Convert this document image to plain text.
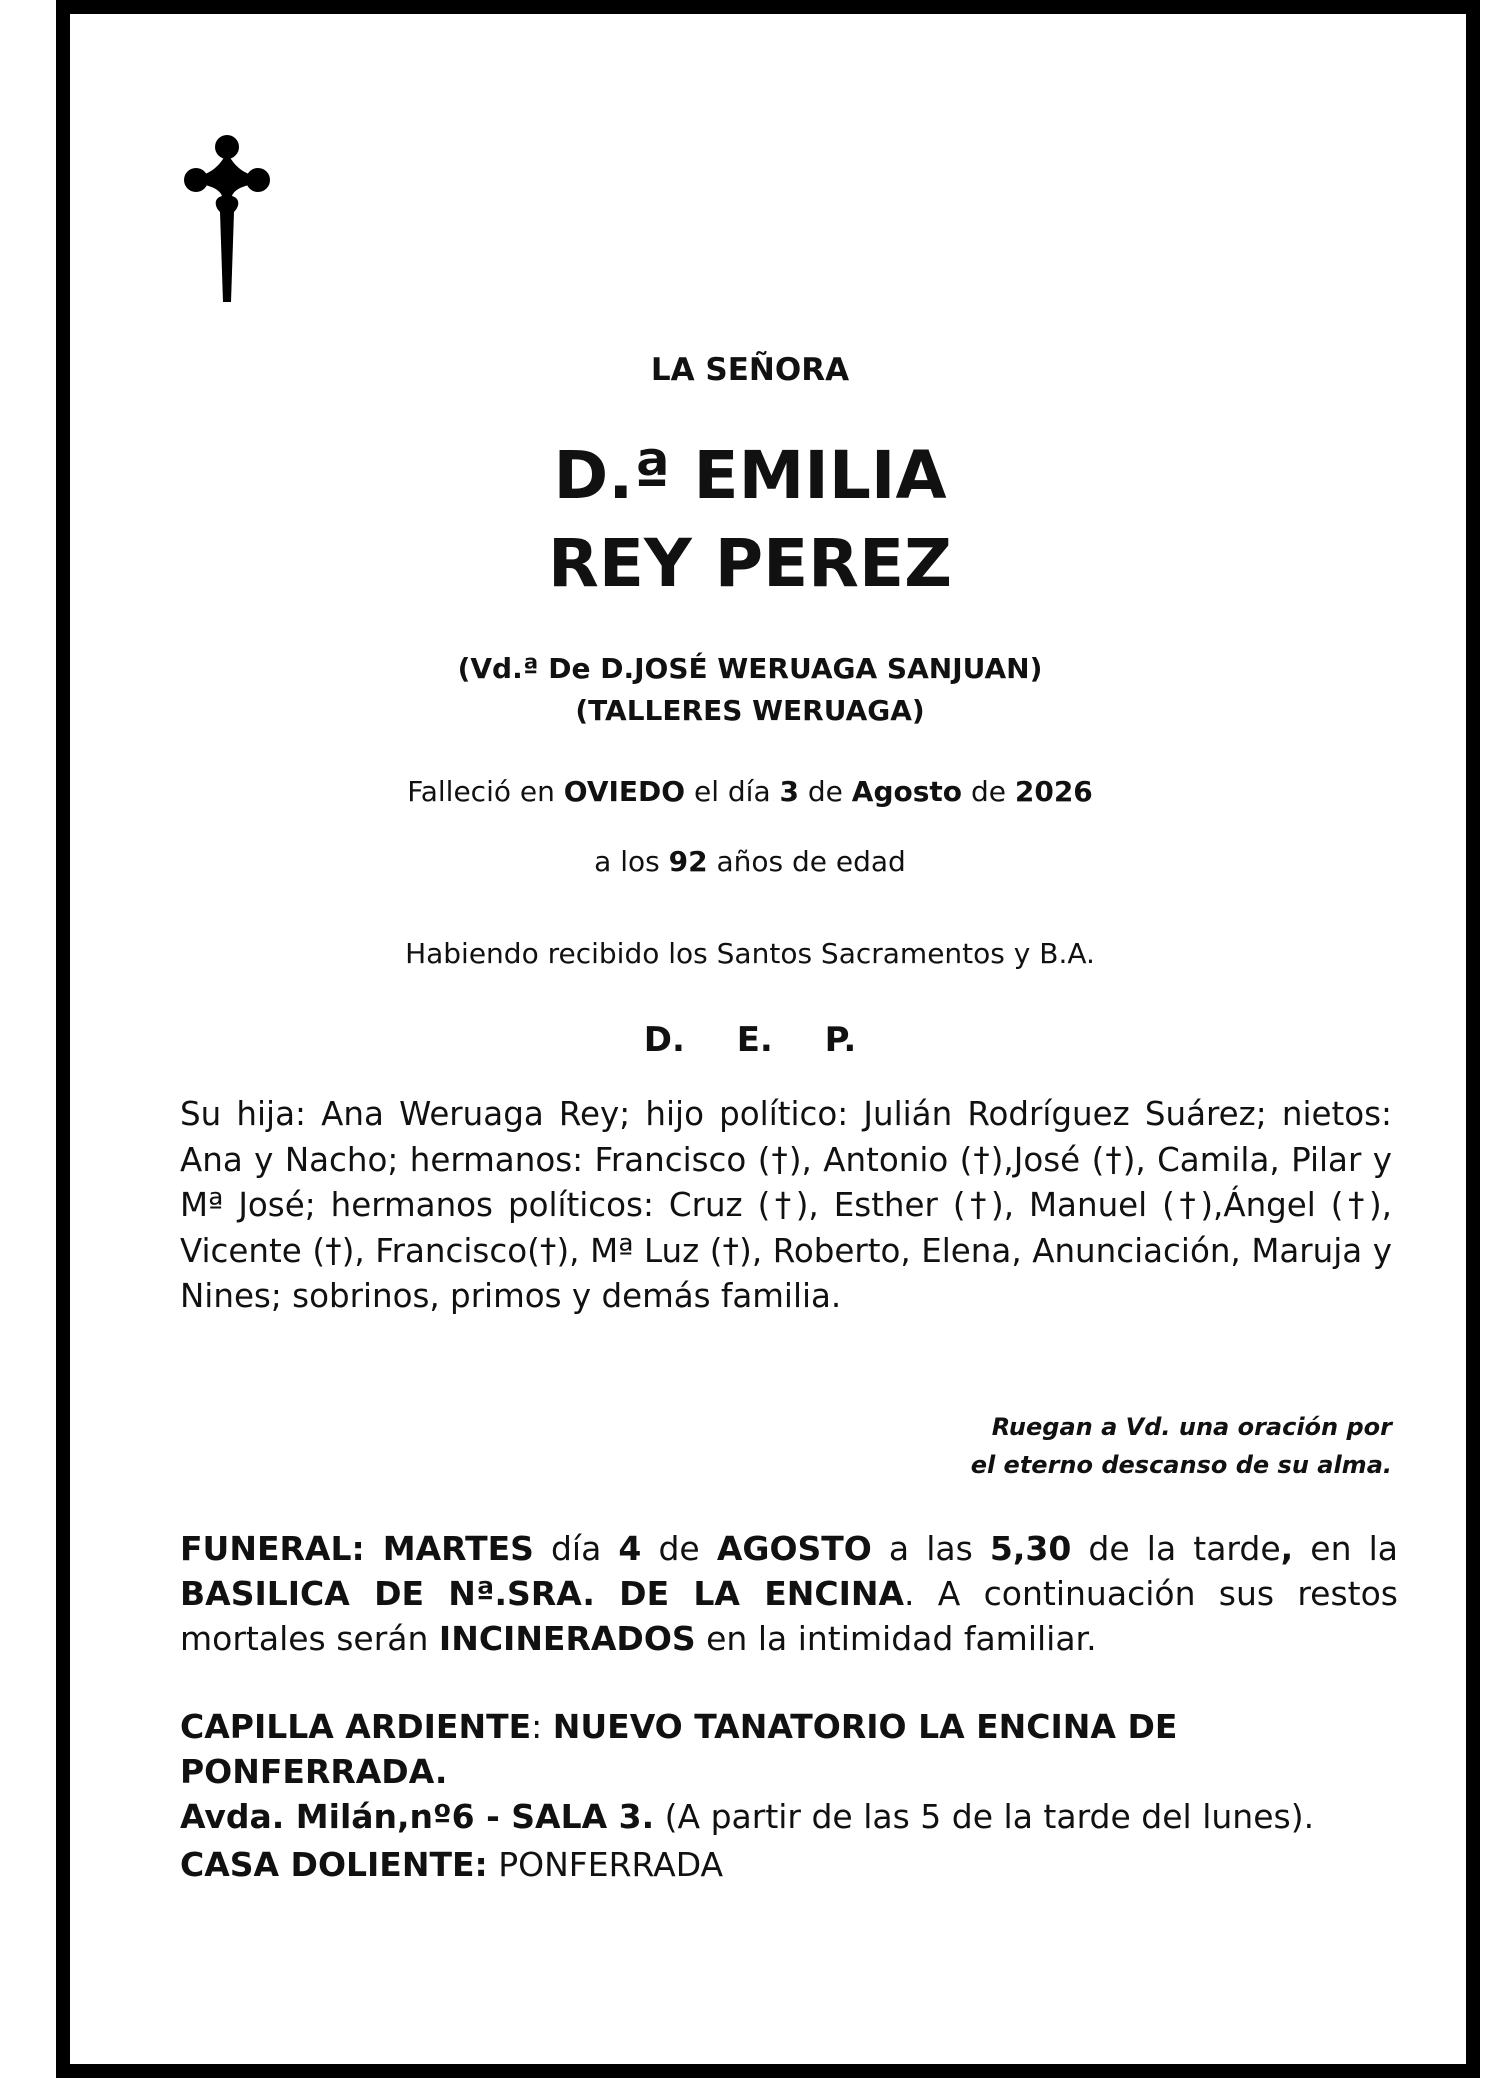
LA SEÑORA

D.ª EMILIA
REY PEREZ
(Vd.ª De D.JOSÉ WERUAGA SANJUAN)
(TALLERES WERUAGA)

Falleció en OVIEDO el día 3 de Agosto de 2026

a los 92 años de edad

Habiendo recibido los Santos Sacramentos y B.A.

D. E. P.

Su hija: Ana Weruaga Rey; hijo político: Julián Rodríguez Suárez; nietos: Ana y Nacho; hermanos: Francisco (†), Antonio (†),José (†), Camila, Pilar y Mª José; hermanos políticos: Cruz (†), Esther (†), Manuel (†),Ángel (†), Vicente (†), Francisco(†), Mª Luz (†), Roberto, Elena, Anunciación, Maruja y Nines; sobrinos, primos y demás familia.

Ruegan a Vd. una oración por
el eterno descanso de su alma.

FUNERAL: MARTES día 4 de AGOSTO a las 5,30 de la tarde, en la BASILICA DE Nª.SRA. DE LA ENCINA. A continuación sus restos mortales serán INCINERADOS en la intimidad familiar.

CAPILLA ARDIENTE: NUEVO TANATORIO LA ENCINA DE PONFERRADA.
Avda. Milán,nº6 - SALA 3. (A partir de las 5 de la tarde del lunes).

CASA DOLIENTE: PONFERRADA
